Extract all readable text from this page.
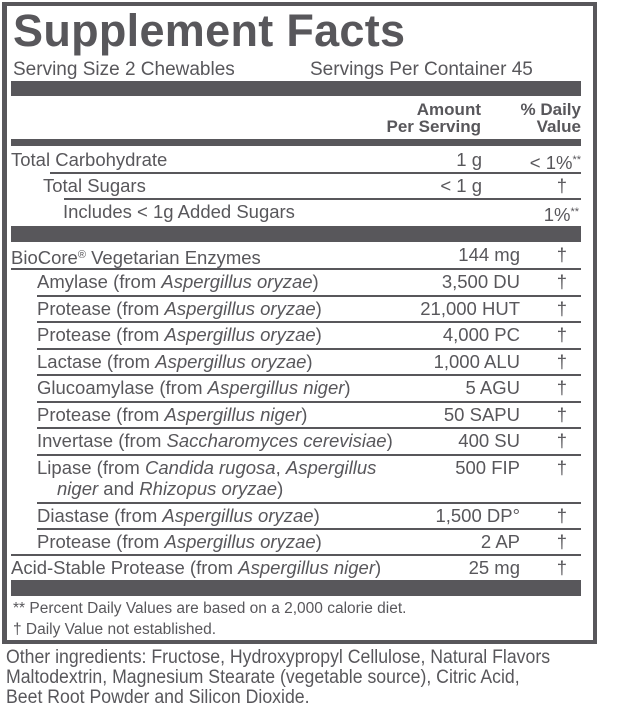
Supplement Facts
Serving Size 2 Chewables	Servings Per Container 45
Amount
Per Serving
% Daily
Value
Total Carbohydrate	1 g	< 1%**
Total Sugars	< 1 g	†
Includes < 1g Added Sugars	1%**
BioCore® Vegetarian Enzymes	144 mg †
Amylase (from Aspergillus oryzae)	3,500 DU †
Protease (from Aspergillus oryzae)	21,000 HUT †
Protease (from Aspergillus oryzae)	4,000 PC †
Lactase (from Aspergillus oryzae)	1,000 ALU †
Glucoamylase (from Aspergillus niger)	5 AGU †
Protease (from Aspergillus niger)	50 SAPU †
Invertase (from Saccharomyces cerevisiae)	400 SU †
Lipase (from Candida rugosa, Aspergillus
niger and Rhizopus oryzae)
500 FIP †
Diastase (from Aspergillus oryzae)	1,500 DP° †
Protease (from Aspergillus oryzae)	2 AP †
Acid-Stable Protease (from Aspergillus niger)	25 mg †
** Percent Daily Values are based on a 2,000 calorie diet.
† Daily Value not established.
Other ingredients: Fructose, Hydroxypropyl Cellulose, Natural Flavors
Maltodextrin, Magnesium Stearate (vegetable source), Citric Acid,
Beet Root Powder and Silicon Dioxide.
